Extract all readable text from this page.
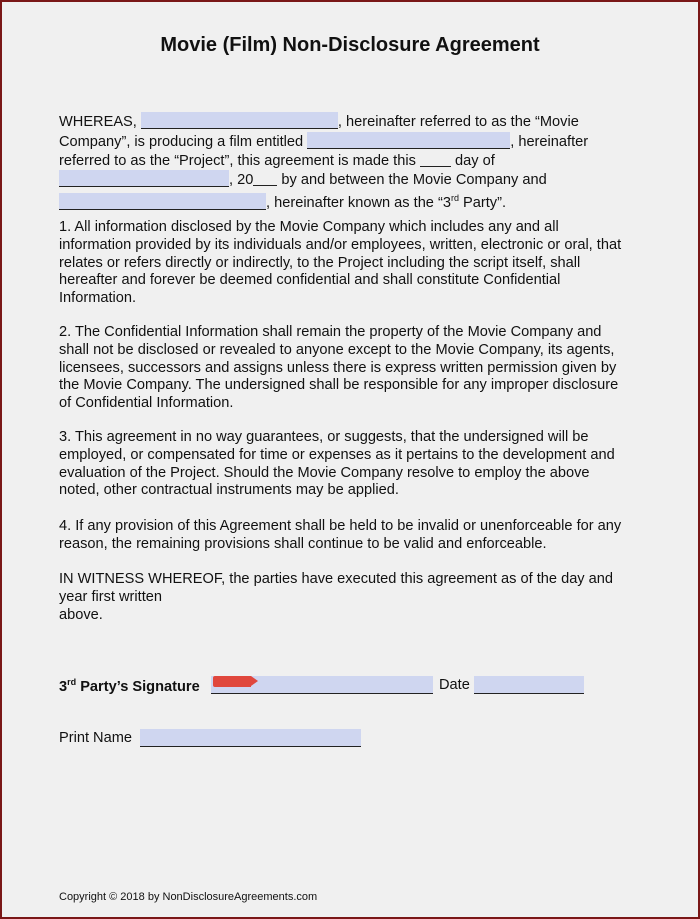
Movie (Film) Non-Disclosure Agreement
WHEREAS,	, hereinafter referred to as the “Movie
Company”, is producing a film entitled	, hereinafter
referred to as the “Project”, this agreement is made this	day of
, 20 by and between the Movie Company and
, hereinafter known as the “3rd Party”.
1. All information disclosed by the Movie Company which includes any and all
information provided by its individuals and/or employees, written, electronic or oral, that
relates or refers directly or indirectly, to the Project including the script itself, shall
hereafter and forever be deemed confidential and shall constitute Confidential
Information.
2. The Confidential Information shall remain the property of the Movie Company and
shall not be disclosed or revealed to anyone except to the Movie Company, its agents,
licensees, successors and assigns unless there is express written permission given by
the Movie Company. The undersigned shall be responsible for any improper disclosure
of Confidential Information.
3. This agreement in no way guarantees, or suggests, that the undersigned will be
employed, or compensated for time or expenses as it pertains to the development and
evaluation of the Project. Should the Movie Company resolve to employ the above
noted, other contractual instruments may be applied.
4. If any provision of this Agreement shall be held to be invalid or unenforceable for any
reason, the remaining provisions shall continue to be valid and enforceable.
IN WITNESS WHEREOF, the parties have executed this agreement as of the day and
year first written
above.
3rd Party’s Signature	Date
Print Name
Copyright © 2018 by NonDisclosureAgreements.com
